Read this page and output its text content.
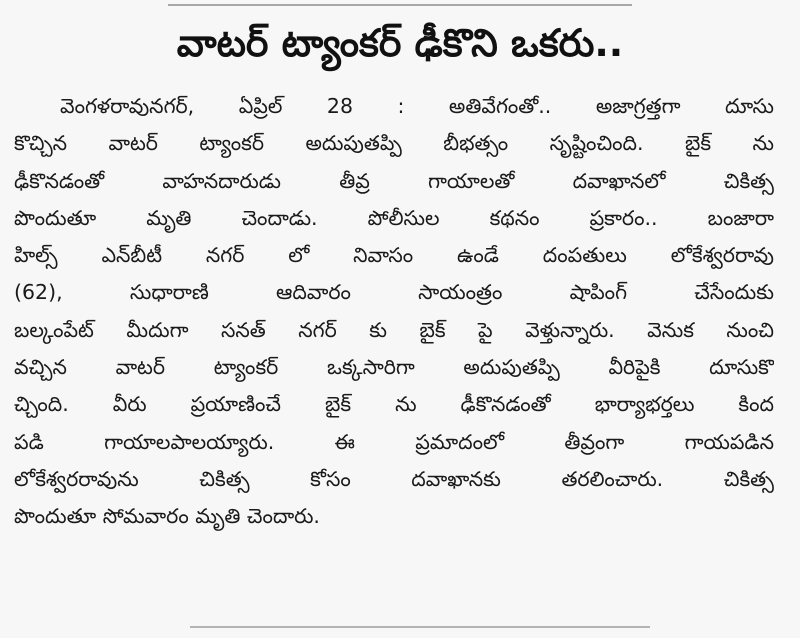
వాటర్ ట్యాంకర్ ఢీకొని ఒకరు..
వెంగళరావునగర్, ఏప్రిల్ 28 : అతివేగంతో.. అజాగ్రత్తగా దూసు
కొచ్చిన వాటర్ ట్యాంకర్ అదుపుతప్పి బీభత్సం సృష్టించింది. బైక్ ను
ఢీకొనడంతో వాహనదారుడు తీవ్ర గాయాలతో దవాఖానలో చికిత్స
పొందుతూ మృతి చెందాడు. పోలీసుల కథనం ప్రకారం.. బంజారా
హిల్స్ ఎన్‌బీటీ నగర్ లో నివాసం ఉండే దంపతులు లోకేశ్వరరావు
(62), సుధారాణి ఆదివారం సాయంత్రం షాపింగ్ చేసేందుకు
బల్కంపేట్ మీదుగా సనత్ నగర్ కు బైక్ పై వెళ్తున్నారు. వెనుక నుంచి
వచ్చిన వాటర్ ట్యాంకర్ ఒక్కసారిగా అదుపుతప్పి వీరిపైకి దూసుకొ
చ్చింది. వీరు ప్రయాణించే బైక్ ను ఢీకొనడంతో భార్యాభర్తలు కింద
పడి గాయాలపాలయ్యారు. ఈ ప్రమాదంలో తీవ్రంగా గాయపడిన
లోకేశ్వరరావును చికిత్స కోసం దవాఖానకు తరలించారు. చికిత్స
పొందుతూ సోమవారం మృతి చెందారు.
